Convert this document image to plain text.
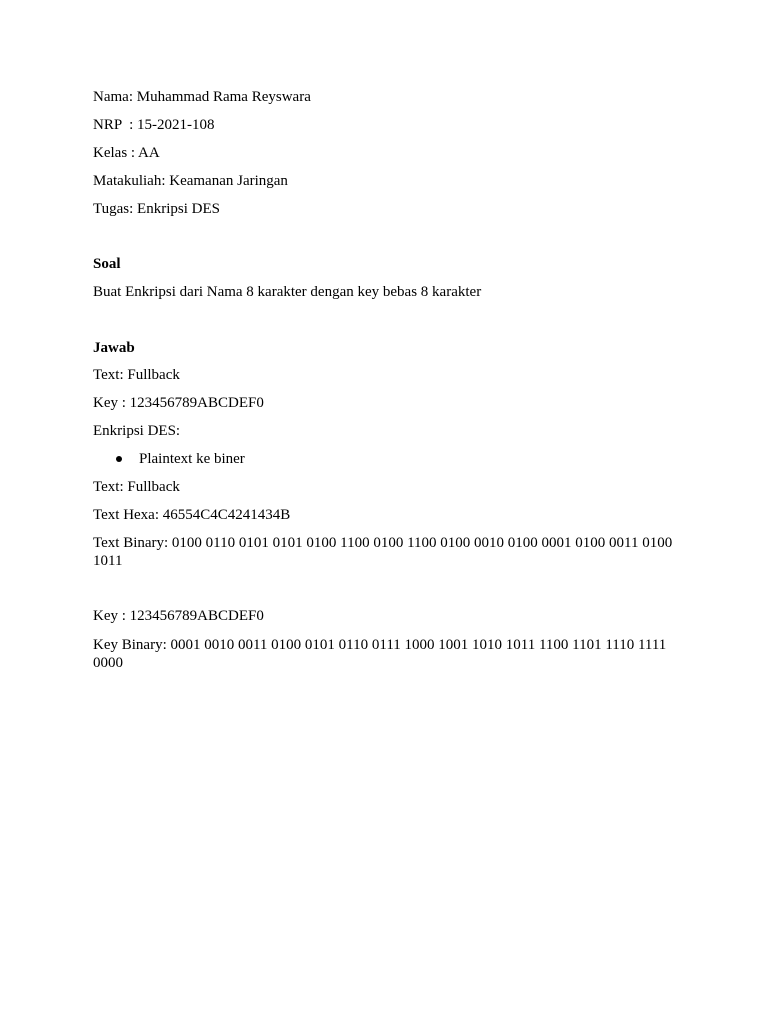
Nama: Muhammad Rama Reyswara

NRP  : 15-2021-108

Kelas : AA

Matakuliah: Keamanan Jaringan

Tugas: Enkripsi DES

Soal

Buat Enkripsi dari Nama 8 karakter dengan key bebas 8 karakter

Jawab

Text: Fullback

Key : 123456789ABCDEF0

Enkripsi DES:

Plaintext ke biner

Text: Fullback

Text Hexa: 46554C4C4241434B

Text Binary: 0100 0110 0101 0101 0100 1100 0100 1100 0100 0010 0100 0001 0100 0011 0100 1011

Key : 123456789ABCDEF0

Key Binary: 0001 0010 0011 0100 0101 0110 0111 1000 1001 1010 1011 1100 1101 1110 1111 0000
